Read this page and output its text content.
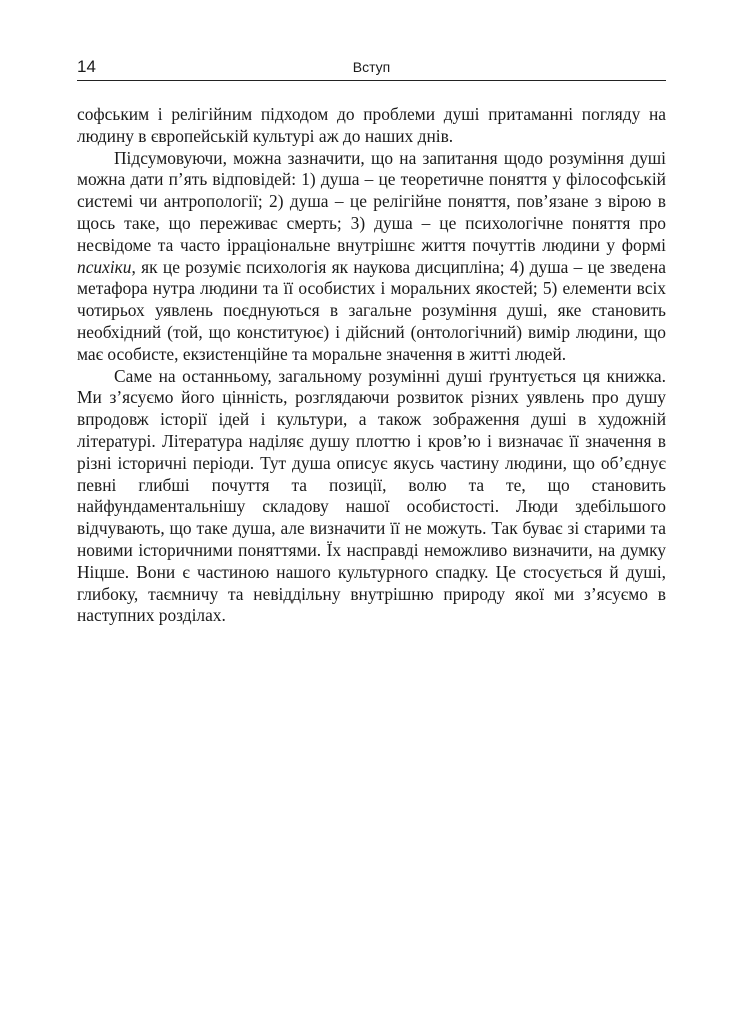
14	Вступ

софським і релігійним підходом до проблеми душі притаманні погляду на людину в європейській культурі аж до наших днів.

Підсумовуючи, можна зазначити, що на запитання щодо розуміння душі можна дати п’ять відповідей: 1) душа – це теоретичне поняття у філософській системі чи антропології; 2) душа – це релігійне поняття, пов’язане з вірою в щось таке, що переживає смерть; 3) душа – це психологічне поняття про несвідоме та часто ірраціональне внутрішнє життя почуттів людини у формі психіки, як це розуміє психологія як наукова дисципліна; 4) душа – це зведена метафора нутра людини та її особистих і моральних якостей; 5) елементи всіх чотирьох уявлень поєднуються в загальне розуміння душі, яке становить необхідний (той, що конституює) і дійсний (онтологічний) вимір людини, що має особисте, екзистенційне та моральне значення в житті людей.

Саме на останньому, загальному розумінні душі ґрунтується ця книжка. Ми з’ясуємо його цінність, розглядаючи розвиток різних уявлень про душу впродовж історії ідей і культури, а також зображення душі в художній літературі. Література наділяє душу плоттю і кров’ю і визначає її значення в різні історичні періоди. Тут душа описує якусь частину людини, що об’єднує певні глибші почуття та позиції, волю та те, що становить найфундаментальнішу складову нашої особистості. Люди здебільшого відчувають, що таке душа, але визначити її не можуть. Так буває зі старими та новими історичними поняттями. Їх насправді неможливо визначити, на думку Ніцше. Вони є частиною нашого культурного спадку. Це стосується й душі, глибоку, таємничу та невіддільну внутрішню природу якої ми з’ясуємо в наступних розділах.
